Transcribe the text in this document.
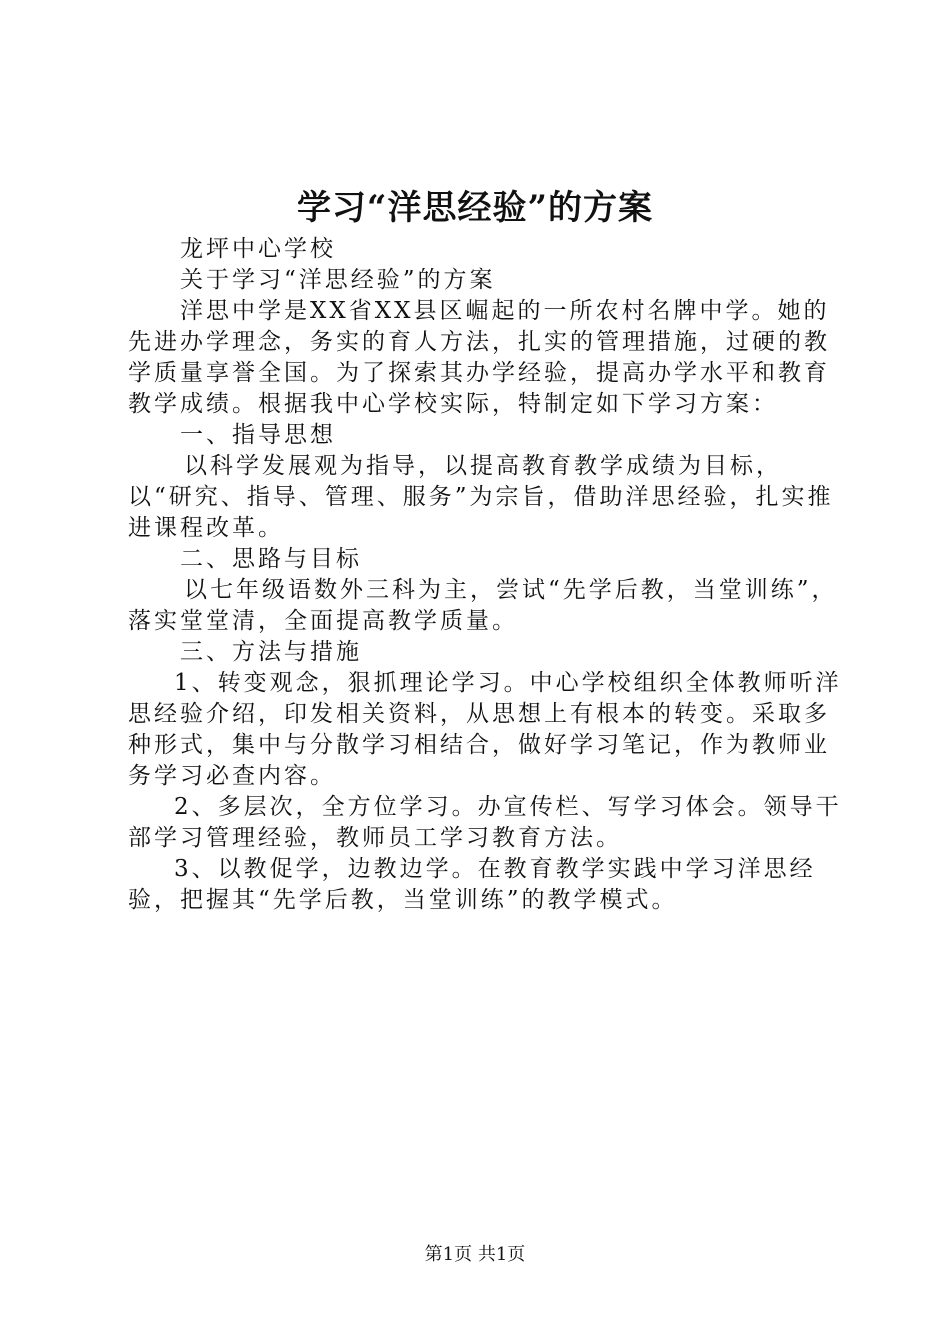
学习“洋思经验”的方案

龙坪中心学校

关于学习“洋思经验”的方案

洋思中学是XX省XX县区崛起的一所农村名牌中学。她的先进办学理念，务实的育人方法，扎实的管理措施，过硬的教学质量享誉全国。为了探索其办学经验，提高办学水平和教育教学成绩。根据我中心学校实际，特制定如下学习方案：

一、指导思想

以科学发展观为指导，以提高教育教学成绩为目标，以“研究、指导、管理、服务”为宗旨，借助洋思经验，扎实推进课程改革。

二、思路与目标

以七年级语数外三科为主，尝试“先学后教，当堂训练”，落实堂堂清，全面提高教学质量。

三、方法与措施

1、转变观念，狠抓理论学习。中心学校组织全体教师听洋思经验介绍，印发相关资料，从思想上有根本的转变。采取多种形式，集中与分散学习相结合，做好学习笔记，作为教师业务学习必查内容。

2、多层次，全方位学习。办宣传栏、写学习体会。领导干部学习管理经验，教师员工学习教育方法。

3、以教促学，边教边学。在教育教学实践中学习洋思经验，把握其“先学后教，当堂训练”的教学模式。

第1页 共1页
